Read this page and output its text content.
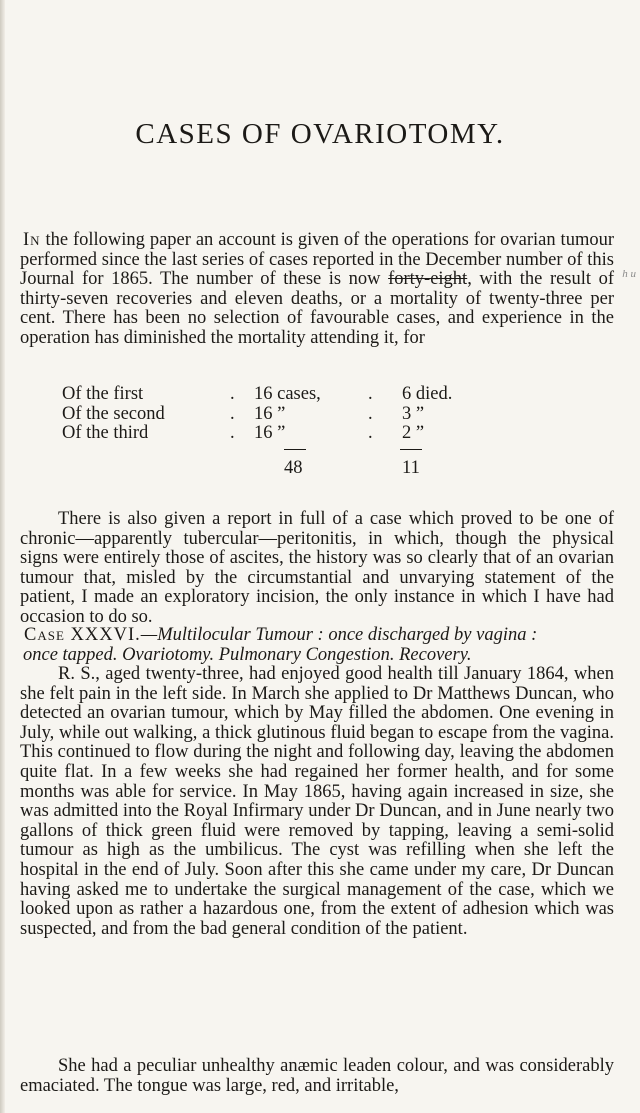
h u
CASES OF OVARIOTOMY.

In the following paper an account is given of the operations for ovarian tumour performed since the last series of cases reported in the December number of this Journal for 1865. The number of these is now forty-eight, with the result of thirty-seven recoveries and eleven deaths, or a mortality of twenty-three per cent. There has been no selection of favourable cases, and experience in the operation has diminished the mortality attending it, for

Of the first	. 16 cases,	. 6 died.
Of the second	. 16 ”	. 3 ”
Of the third	. 16 ”	. 2 ”
48	11

There is also given a report in full of a case which proved to be one of chronic—apparently tubercular—peritonitis, in which, though the physical signs were entirely those of ascites, the history was so clearly that of an ovarian tumour that, misled by the circumstantial and unvarying statement of the patient, I made an exploratory incision, the only instance in which I have had occasion to do so.

Case XXXVI.—Multilocular Tumour : once discharged by vagina :
once tapped. Ovariotomy. Pulmonary Congestion. Recovery.

R. S., aged twenty-three, had enjoyed good health till January 1864, when she felt pain in the left side. In March she applied to Dr Matthews Duncan, who detected an ovarian tumour, which by May filled the abdomen. One evening in July, while out walking, a thick glutinous fluid began to escape from the vagina. This continued to flow during the night and following day, leaving the abdomen quite flat. In a few weeks she had regained her former health, and for some months was able for service. In May 1865, having again increased in size, she was admitted into the Royal Infirmary under Dr Duncan, and in June nearly two gallons of thick green fluid were removed by tapping, leaving a semi-solid tumour as high as the umbilicus. The cyst was refilling when she left the hospital in the end of July. Soon after this she came under my care, Dr Duncan having asked me to undertake the surgical management of the case, which we looked upon as rather a hazardous one, from the extent of adhesion which was suspected, and from the bad general condition of the patient.

She had a peculiar unhealthy anæmic leaden colour, and was considerably emaciated. The tongue was large, red, and irritable,
